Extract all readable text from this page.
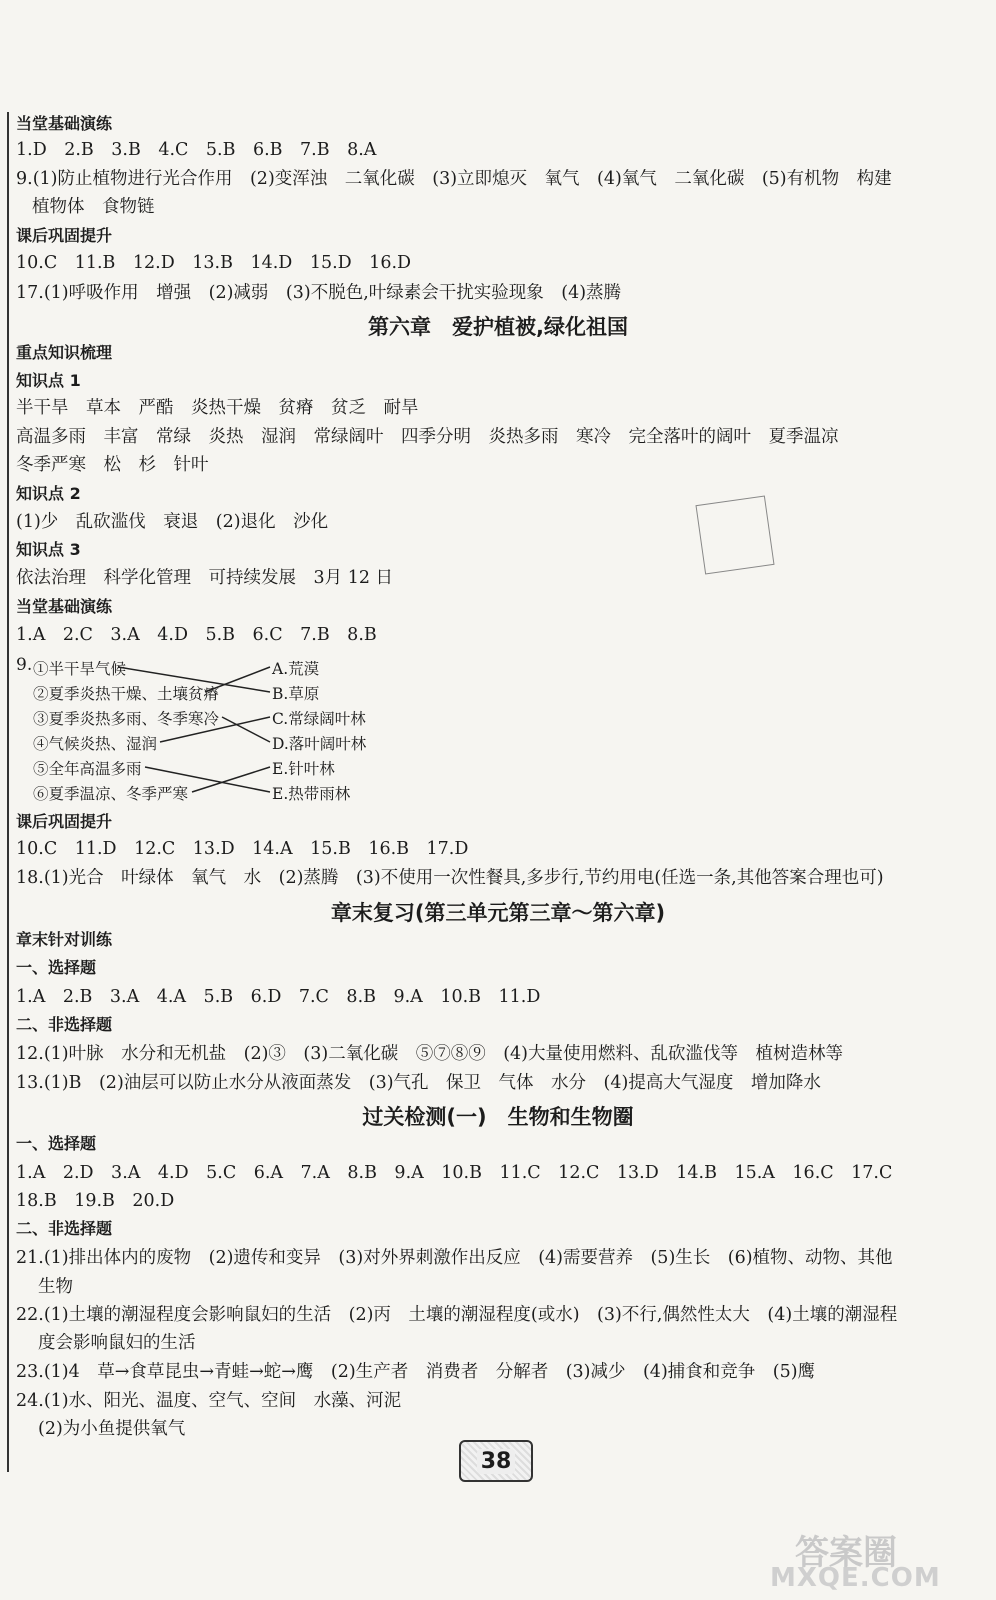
当堂基础演练
1.D　2.B　3.B　4.C　5.B　6.B　7.B　8.A
9.(1)防止植物进行光合作用　(2)变浑浊　二氧化碳　(3)立即熄灭　氧气　(4)氧气　二氧化碳　(5)有机物　构建
植物体　食物链
课后巩固提升
10.C　11.B　12.D　13.B　14.D　15.D　16.D
17.(1)呼吸作用　增强　(2)减弱　(3)不脱色,叶绿素会干扰实验现象　(4)蒸腾
第六章　爱护植被,绿化祖国
重点知识梳理
知识点 1
半干旱　草本　严酷　炎热干燥　贫瘠　贫乏　耐旱
高温多雨　丰富　常绿　炎热　湿润　常绿阔叶　四季分明　炎热多雨　寒冷　完全落叶的阔叶　夏季温凉
冬季严寒　松　杉　针叶
知识点 2
(1)少　乱砍滥伐　衰退　(2)退化　沙化
知识点 3
依法治理　科学化管理　可持续发展　3月 12 日
当堂基础演练
1.A　2.C　3.A　4.D　5.B　6.C　7.B　8.B
9. ①半干旱气候
②夏季炎热干燥、土壤贫瘠
③夏季炎热多雨、冬季寒冷
④气候炎热、湿润
⑤全年高温多雨
⑥夏季温凉、冬季严寒
A.荒漠
B.草原
C.常绿阔叶林
D.落叶阔叶林
E.针叶林
E.热带雨林
课后巩固提升
10.C　11.D　12.C　13.D　14.A　15.B　16.B　17.D
18.(1)光合　叶绿体　氧气　水　(2)蒸腾　(3)不使用一次性餐具,多步行,节约用电(任选一条,其他答案合理也可)
章末复习(第三单元第三章～第六章)
章末针对训练
一、选择题
1.A　2.B　3.A　4.A　5.B　6.D　7.C　8.B　9.A　10.B　11.D
二、非选择题
12.(1)叶脉　水分和无机盐　(2)③　(3)二氧化碳　⑤⑦⑧⑨　(4)大量使用燃料、乱砍滥伐等　植树造林等
13.(1)B　(2)油层可以防止水分从液面蒸发　(3)气孔　保卫　气体　水分　(4)提高大气湿度　增加降水
过关检测(一)　生物和生物圈
一、选择题
1.A　2.D　3.A　4.D　5.C　6.A　7.A　8.B　9.A　10.B　11.C　12.C　13.D　14.B　15.A　16.C　17.C
18.B　19.B　20.D
二、非选择题
21.(1)排出体内的废物　(2)遗传和变异　(3)对外界刺激作出反应　(4)需要营养　(5)生长　(6)植物、动物、其他
生物
22.(1)土壤的潮湿程度会影响鼠妇的生活　(2)丙　土壤的潮湿程度(或水)　(3)不行,偶然性太大　(4)土壤的潮湿程
度会影响鼠妇的生活
23.(1)4　草→食草昆虫→青蛙→蛇→鹰　(2)生产者　消费者　分解者　(3)减少　(4)捕食和竞争　(5)鹰
24.(1)水、阳光、温度、空气、空间　水藻、河泥
(2)为小鱼提供氧气
38
答案圈
MXQE.COM
